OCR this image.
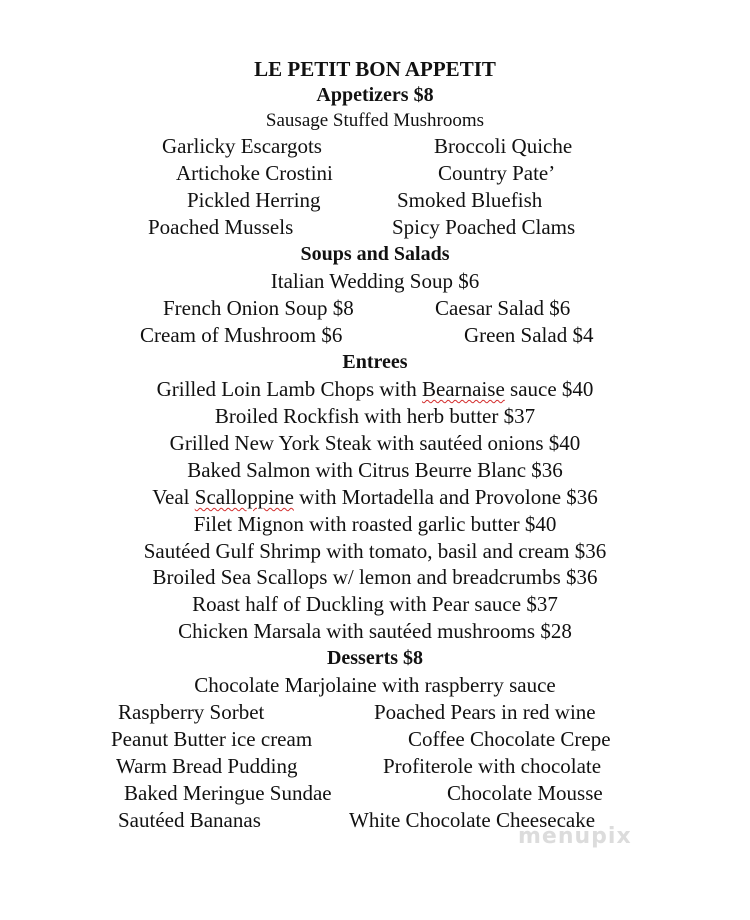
LE PETIT BON APPETIT
Appetizers $8
Sausage Stuffed Mushrooms
Garlicky Escargots	Broccoli Quiche
Artichoke Crostini	Country Pate’
Pickled Herring	Smoked Bluefish
Poached Mussels	Spicy Poached Clams
Soups and Salads
Italian Wedding Soup $6
French Onion Soup $8	Caesar Salad $6
Cream of Mushroom $6	Green Salad $4
Entrees
Grilled Loin Lamb Chops with Bearnaise sauce $40
Broiled Rockfish with herb butter $37
Grilled New York Steak with sautéed onions $40
Baked Salmon with Citrus Beurre Blanc $36
Veal Scalloppine with Mortadella and Provolone $36
Filet Mignon with roasted garlic butter $40
Sautéed Gulf Shrimp with tomato, basil and cream $36
Broiled Sea Scallops w/ lemon and breadcrumbs $36
Roast half of Duckling with Pear sauce $37
Chicken Marsala with sautéed mushrooms $28
Desserts $8
Chocolate Marjolaine with raspberry sauce
Raspberry Sorbet	Poached Pears in red wine
Peanut Butter ice cream	Coffee Chocolate Crepe
Warm Bread Pudding	Profiterole with chocolate
Baked Meringue Sundae	Chocolate Mousse
Sautéed Bananas	White Chocolate Cheesecake
menupix
